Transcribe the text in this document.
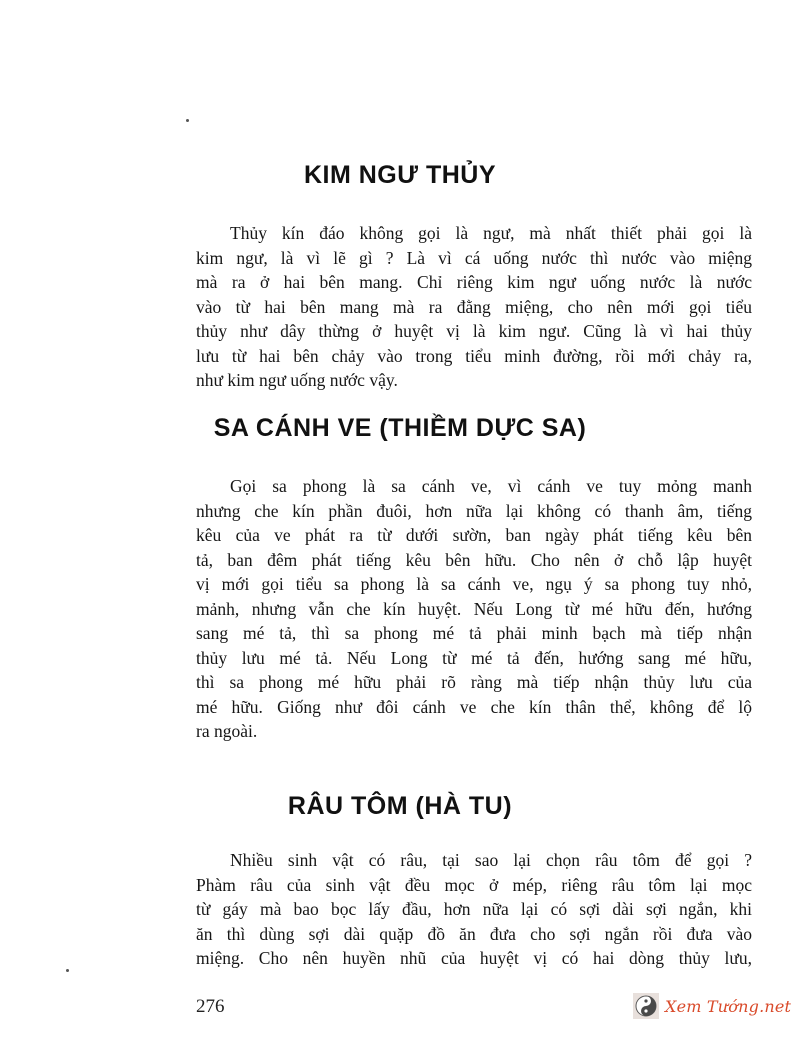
KIM NGƯ THỦY
Thủy kín đáo không gọi là ngư, mà nhất thiết phải gọi là
kim ngư, là vì lẽ gì ? Là vì cá uống nước thì nước vào miệng
mà ra ở hai bên mang. Chỉ riêng kim ngư uống nước là nước
vào từ hai bên mang mà ra đằng miệng, cho nên mới gọi tiểu
thủy như dây thừng ở huyệt vị là kim ngư. Cũng là vì hai thủy
lưu từ hai bên chảy vào trong tiểu minh đường, rồi mới chảy ra,
như kim ngư uống nước vậy.
SA CÁNH VE (THIỀM DỰC SA)
Gọi sa phong là sa cánh ve, vì cánh ve tuy mỏng manh
nhưng che kín phần đuôi, hơn nữa lại không có thanh âm, tiếng
kêu của ve phát ra từ dưới sườn, ban ngày phát tiếng kêu bên
tả, ban đêm phát tiếng kêu bên hữu. Cho nên ở chỗ lập huyệt
vị mới gọi tiểu sa phong là sa cánh ve, ngụ ý sa phong tuy nhỏ,
mảnh, nhưng vẫn che kín huyệt. Nếu Long từ mé hữu đến, hướng
sang mé tả, thì sa phong mé tả phải minh bạch mà tiếp nhận
thủy lưu mé tả. Nếu Long từ mé tả đến, hướng sang mé hữu,
thì sa phong mé hữu phải rõ ràng mà tiếp nhận thủy lưu của
mé hữu. Giống như đôi cánh ve che kín thân thể, không để lộ
ra ngoài.
RÂU TÔM (HÀ TU)
Nhiều sinh vật có râu, tại sao lại chọn râu tôm để gọi ?
Phàm râu của sinh vật đều mọc ở mép, riêng râu tôm lại mọc
từ gáy mà bao bọc lấy đầu, hơn nữa lại có sợi dài sợi ngắn, khi
ăn thì dùng sợi dài quặp đồ ăn đưa cho sợi ngắn rồi đưa vào
miệng. Cho nên huyền nhũ của huyệt vị có hai dòng thủy lưu,

276	Xem Tướng.net
